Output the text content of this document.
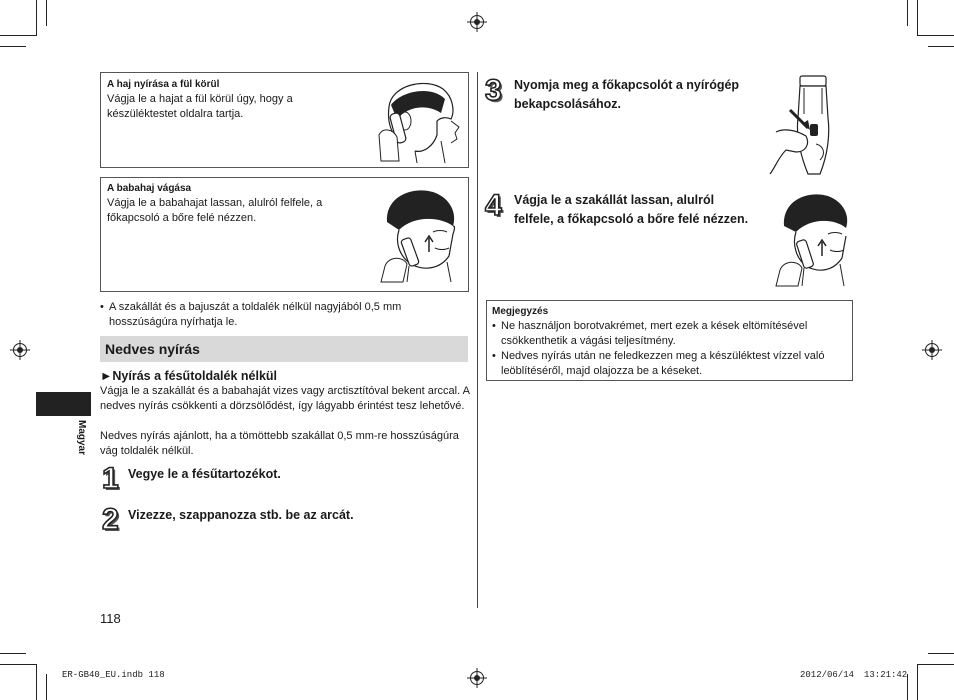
Magyar
A haj nyírása a fül körül
Vágja le a hajat a fül körül úgy, hogy a készüléktestet oldalra tartja.
A babahaj vágása
Vágja le a babahajat lassan, alulról felfele, a főkapcsoló a bőre felé nézzen.
• A szakállát és a bajuszát a toldalék nélkül nagyjából 0,5 mm hosszúságúra nyírhatja le.
Nedves nyírás
►Nyírás a fésűtoldalék nélkül
Vágja le a szakállát és a babahaját vizes vagy arctisztítóval bekent arccal. A nedves nyírás csökkenti a dörzsölődést, így lágyabb érintést tesz lehetővé.
Nedves nyírás ajánlott, ha a tömöttebb szakállat 0,5 mm-re hosszúságúra vág toldalék nélkül.
1 Vegye le a fésűtartozékot.
2 Vizezze, szappanozza stb. be az arcát.
3 Nyomja meg a főkapcsolót a nyírógép bekapcsolásához.
4 Vágja le a szakállát lassan, alulról felfele, a főkapcsoló a bőre felé nézzen.
Megjegyzés
• Ne használjon borotvakrémet, mert ezek a kések eltömítésével csökkenthetik a vágási teljesítmény.
• Nedves nyírás után ne feledkezzen meg a készüléktest vízzel való leöblítéséről, majd olajozza be a késeket.
118
ER-GB40_EU.indb 118	2012/06/14 13:21:42
